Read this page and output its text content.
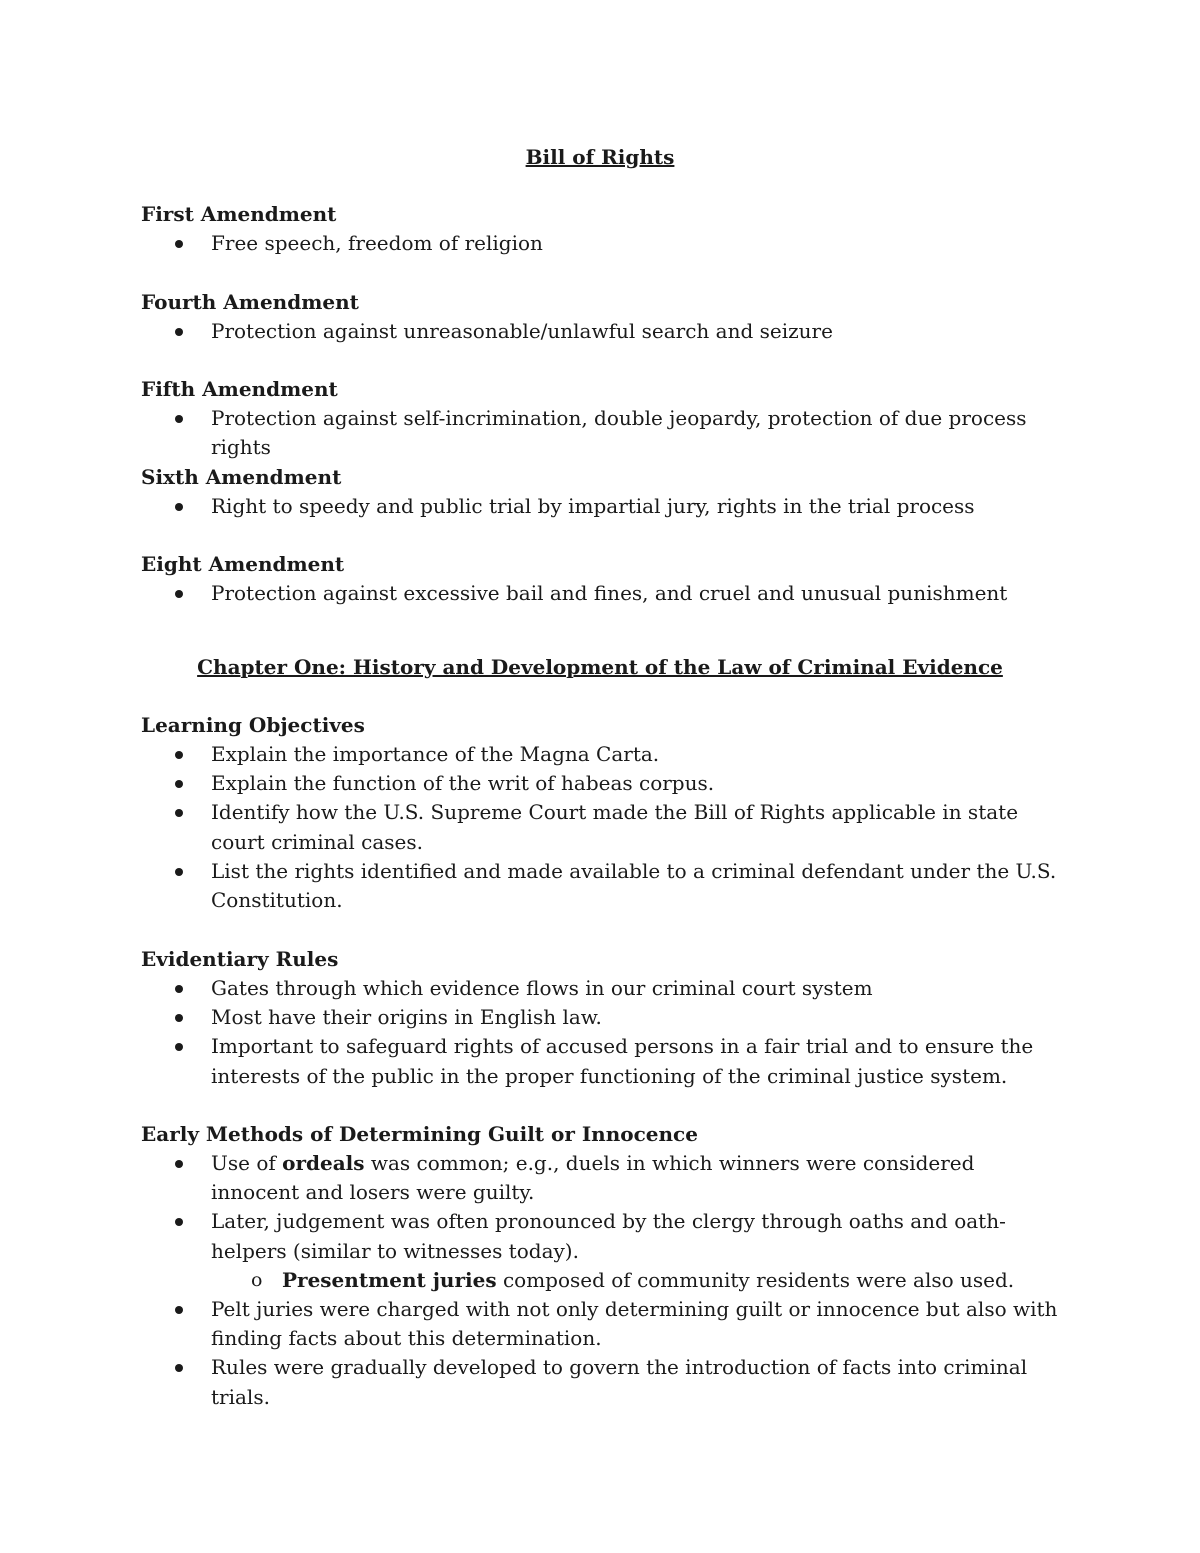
Bill of Rights
First Amendment
Free speech, freedom of religion
Fourth Amendment
Protection against unreasonable/unlawful search and seizure
Fifth Amendment
Protection against self-incrimination, double jeopardy, protection of due process rights
Sixth Amendment
Right to speedy and public trial by impartial jury, rights in the trial process
Eight Amendment
Protection against excessive bail and fines, and cruel and unusual punishment
Chapter One: History and Development of the Law of Criminal Evidence
Learning Objectives
Explain the importance of the Magna Carta.
Explain the function of the writ of habeas corpus.
Identify how the U.S. Supreme Court made the Bill of Rights applicable in state court criminal cases.
List the rights identified and made available to a criminal defendant under the U.S. Constitution.
Evidentiary Rules
Gates through which evidence flows in our criminal court system
Most have their origins in English law.
Important to safeguard rights of accused persons in a fair trial and to ensure the interests of the public in the proper functioning of the criminal justice system.
Early Methods of Determining Guilt or Innocence
Use of ordeals was common; e.g., duels in which winners were considered innocent and losers were guilty.
Later, judgement was often pronounced by the clergy through oaths and oath-helpers (similar to witnesses today).
o Presentment juries composed of community residents were also used.
Pelt juries were charged with not only determining guilt or innocence but also with finding facts about this determination.
Rules were gradually developed to govern the introduction of facts into criminal trials.
